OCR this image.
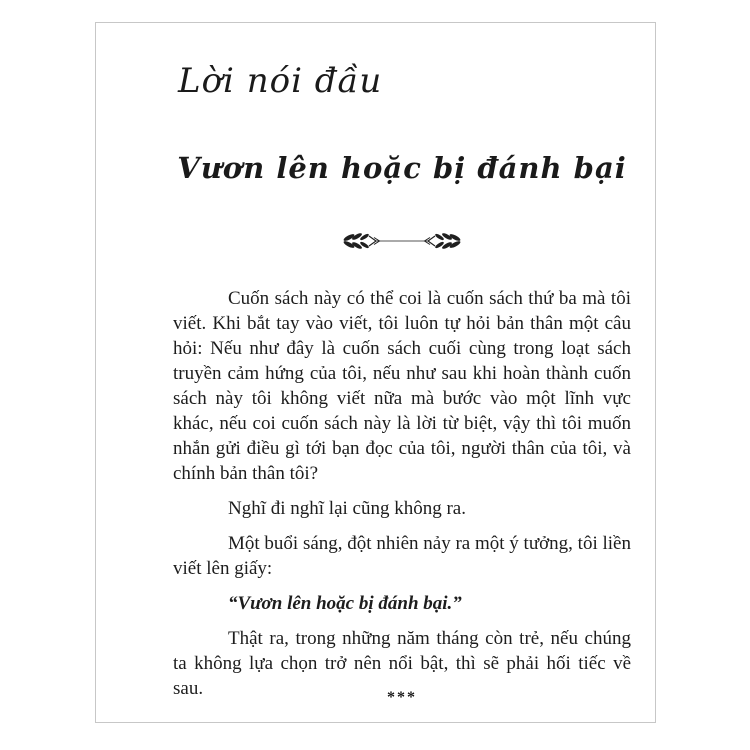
Lời nói đầu
Vươn lên hoặc bị đánh bại

Cuốn sách này có thể coi là cuốn sách thứ ba mà tôi viết. Khi bắt tay vào viết, tôi luôn tự hỏi bản thân một câu hỏi: Nếu như đây là cuốn sách cuối cùng trong loạt sách truyền cảm hứng của tôi, nếu như sau khi hoàn thành cuốn sách này tôi không viết nữa mà bước vào một lĩnh vực khác, nếu coi cuốn sách này là lời từ biệt, vậy thì tôi muốn nhắn gửi điều gì tới bạn đọc của tôi, người thân của tôi, và chính bản thân tôi?

Nghĩ đi nghĩ lại cũng không ra.

Một buổi sáng, đột nhiên nảy ra một ý tưởng, tôi liền viết lên giấy:

“Vươn lên hoặc bị đánh bại.”

Thật ra, trong những năm tháng còn trẻ, nếu chúng ta không lựa chọn trở nên nổi bật, thì sẽ phải hối tiếc về sau.	***
